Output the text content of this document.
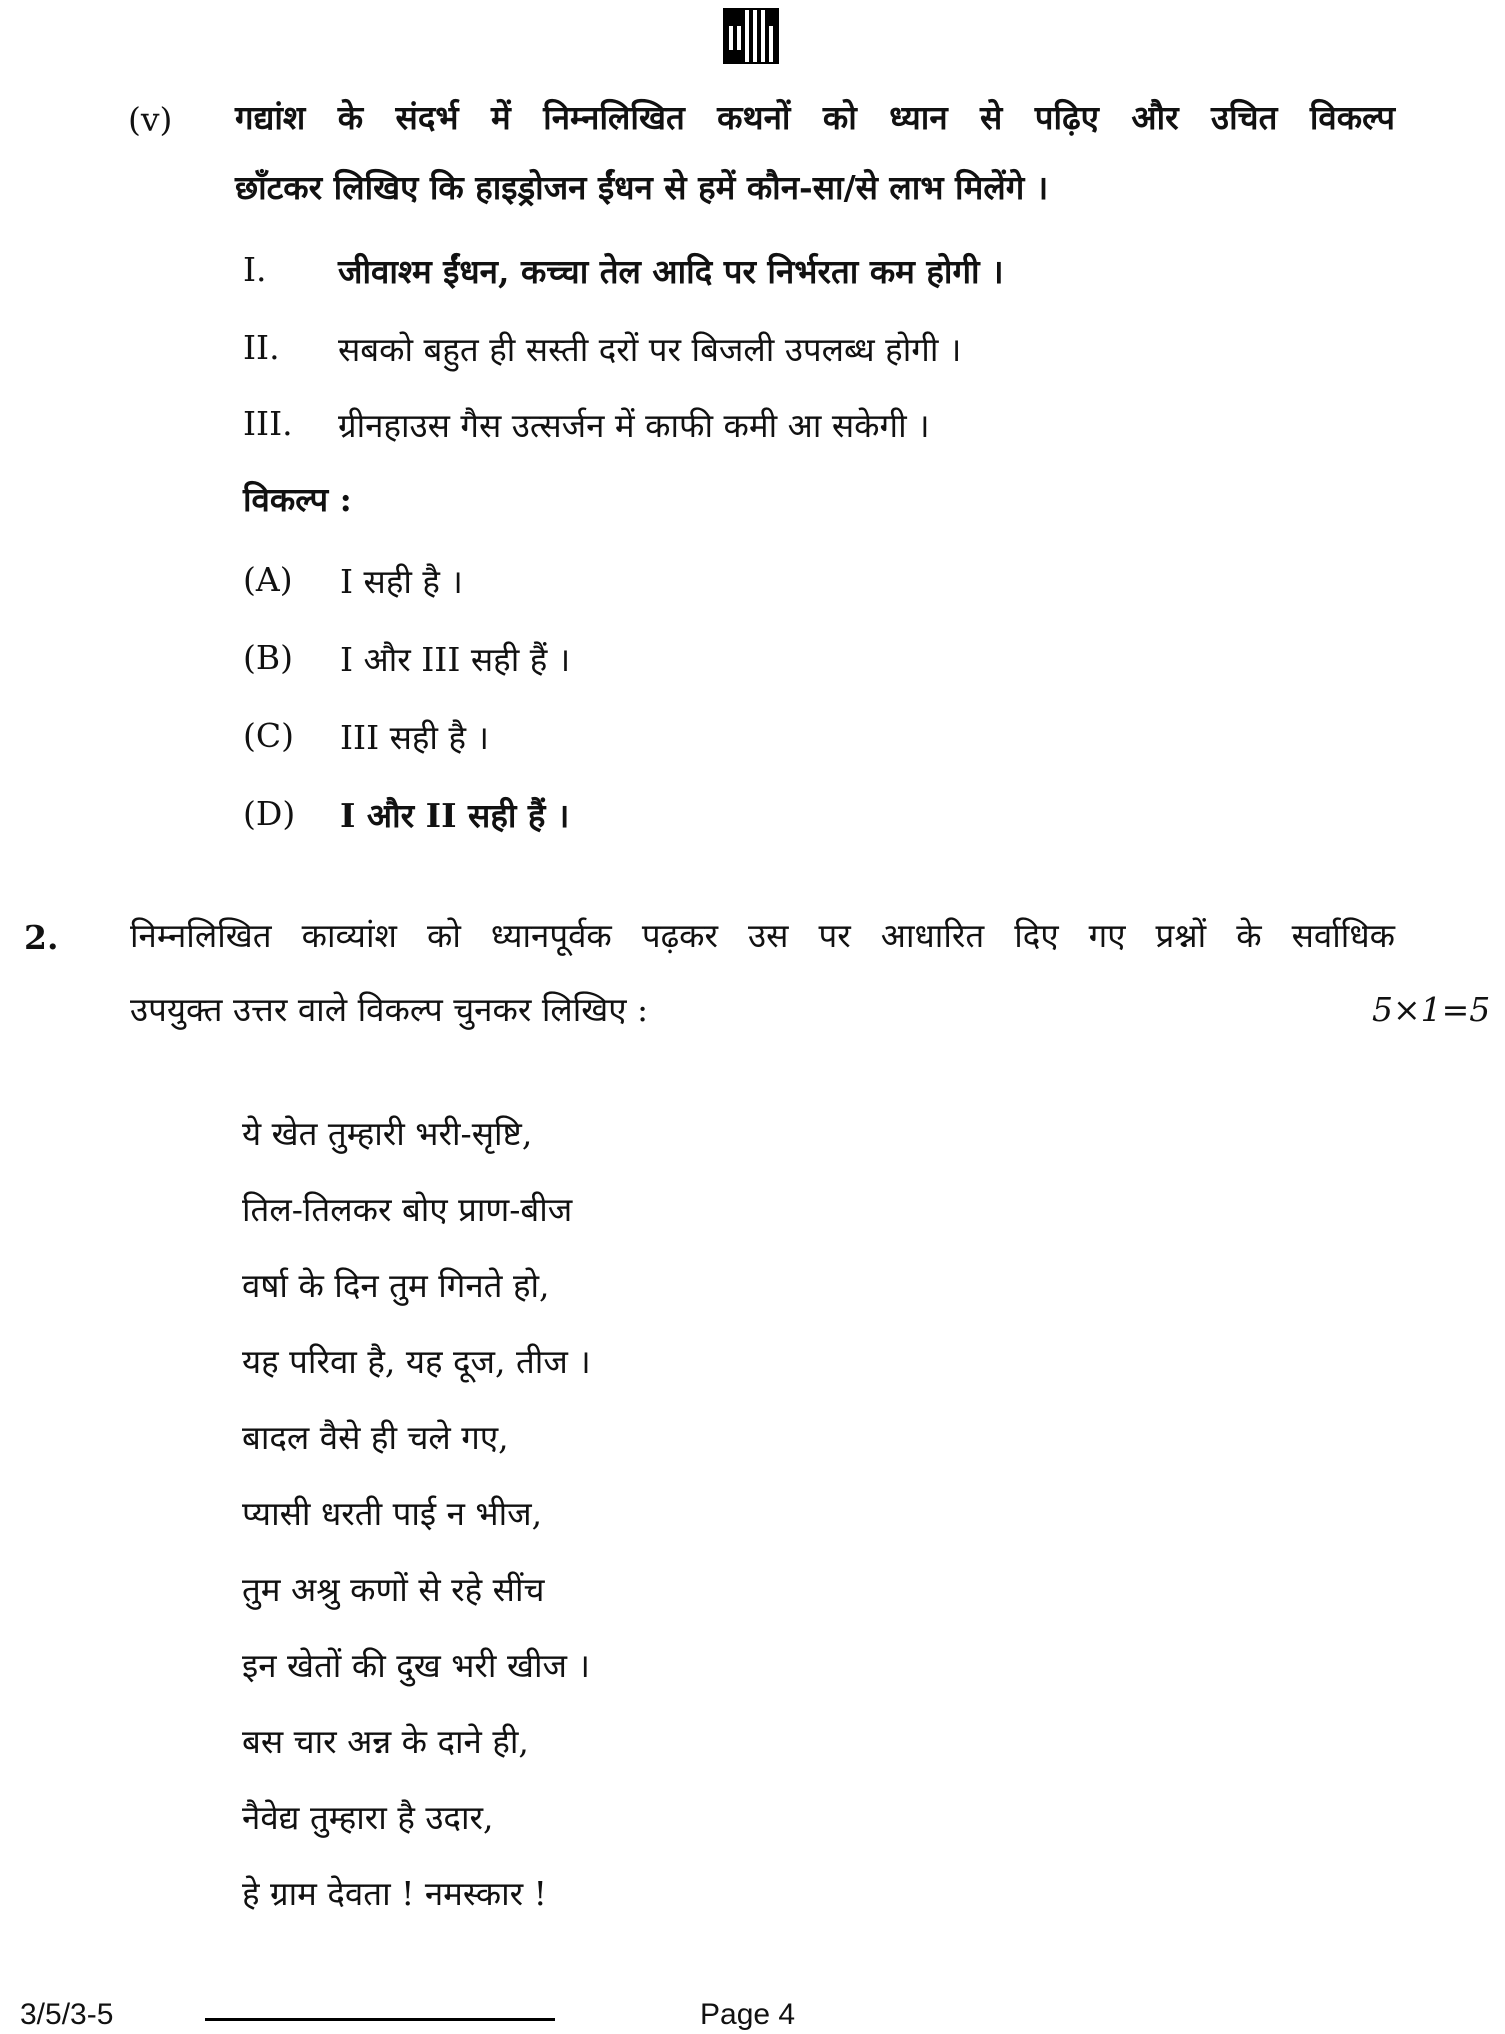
(v) गद्यांश के संदर्भ में निम्नलिखित कथनों को ध्यान से पढ़िए और उचित विकल्प
छाँटकर लिखिए कि हाइड्रोजन ईंधन से हमें कौन-सा/से लाभ मिलेंगे ।
I. जीवाश्म ईंधन, कच्चा तेल आदि पर निर्भरता कम होगी ।
II. सबको बहुत ही सस्ती दरों पर बिजली उपलब्ध होगी ।
III. ग्रीनहाउस गैस उत्सर्जन में काफी कमी आ सकेगी ।
विकल्प :
(A) I सही है ।
(B) I और III सही हैं ।
(C) III सही है ।
(D) I और II सही हैं ।
2. निम्नलिखित काव्यांश को ध्यानपूर्वक पढ़कर उस पर आधारित दिए गए प्रश्नों के सर्वाधिक
उपयुक्त उत्तर वाले विकल्प चुनकर लिखिए :	5×1=5
ये खेत तुम्हारी भरी-सृष्टि,
तिल-तिलकर बोए प्राण-बीज
वर्षा के दिन तुम गिनते हो,
यह परिवा है, यह दूज, तीज ।
बादल वैसे ही चले गए,
प्यासी धरती पाई न भीज,
तुम अश्रु कणों से रहे सींच
इन खेतों की दुख भरी खीज ।
बस चार अन्न के दाने ही,
नैवेद्य तुम्हारा है उदार,
हे ग्राम देवता ! नमस्कार !
3/5/3-5	Page 4
